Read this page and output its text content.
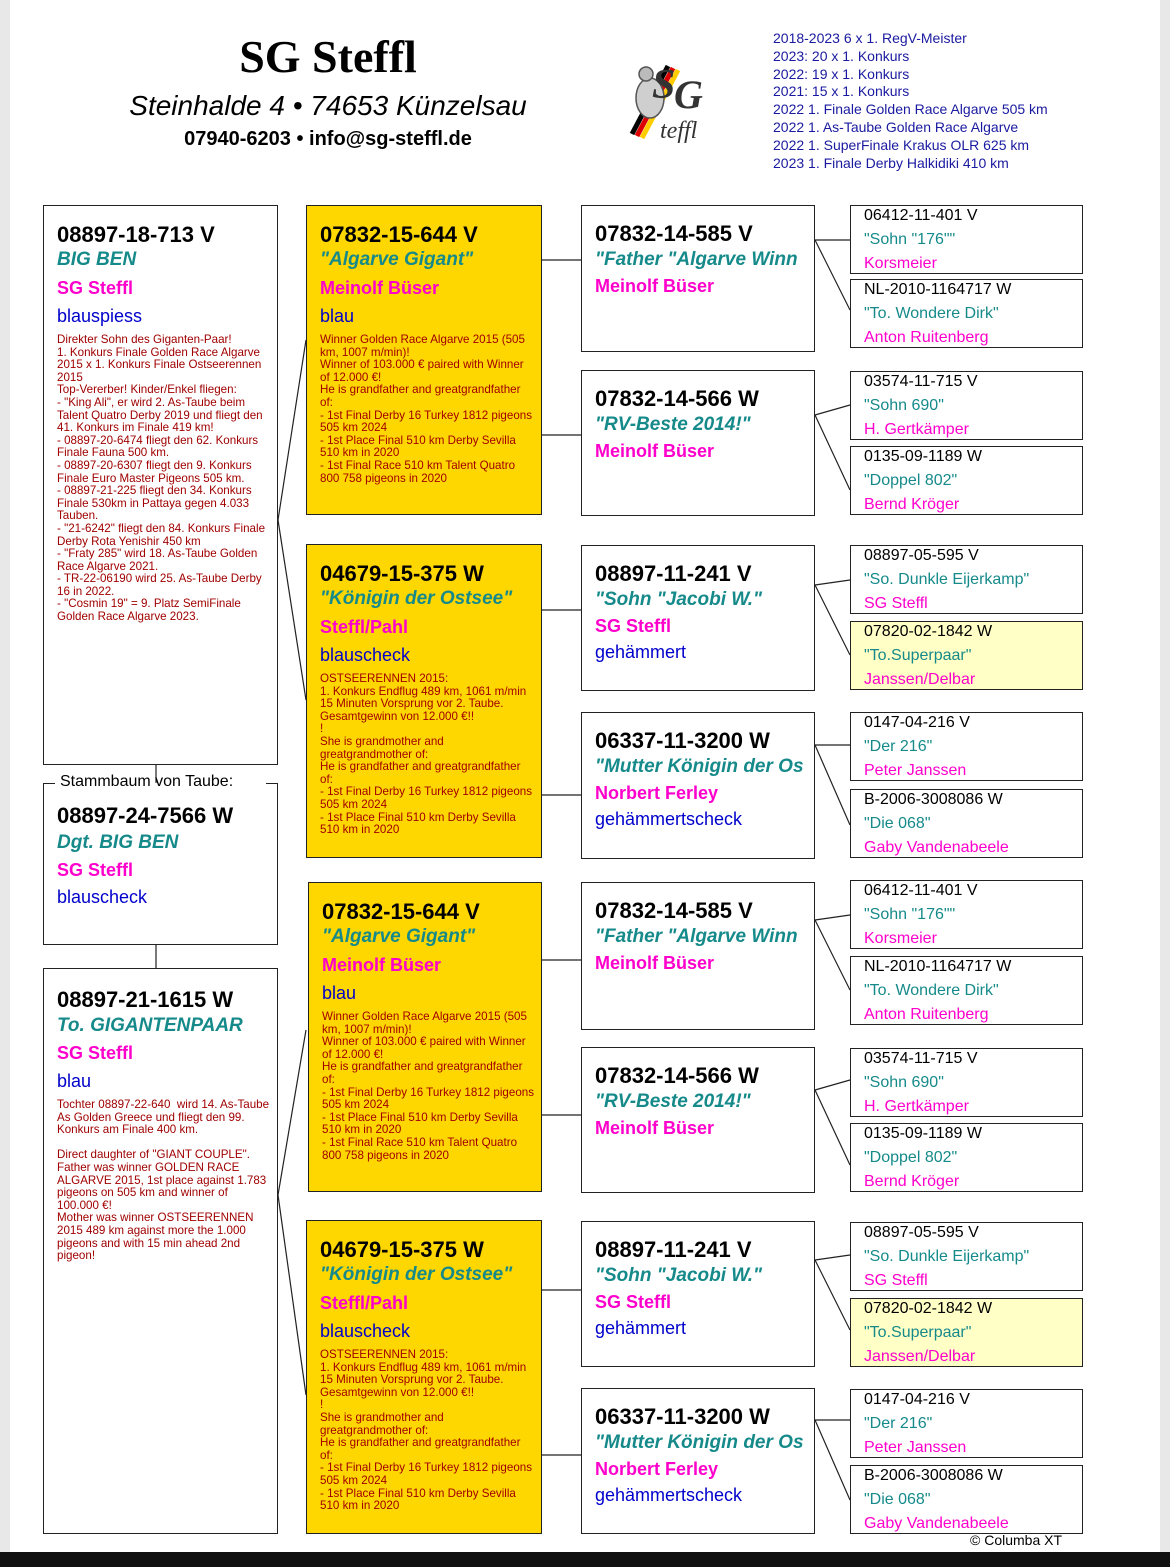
SG Steffl
Steinhalde 4 • 74653 Künzelsau
07940-6203 • info@sg-steffl.de
S
G
teffl
2018-2023 6 x 1. RegV-Meister
2023: 20 x 1. Konkurs
2022: 19 x 1. Konkurs
2021: 15 x 1. Konkurs
2022 1. Finale Golden Race Algarve 505 km
2022 1. As-Taube Golden Race Algarve
2022 1. SuperFinale Krakus OLR 625 km
2023 1. Finale Derby Halkidiki 410 km
08897-18-713 V
BIG BEN
SG Steffl
blauspiess
Direkter Sohn des Giganten-Paar!
1. Konkurs Finale Golden Race Algarve 2015 x 1. Konkurs Finale Ostseerennen 2015
Top-Vererber! Kinder/Enkel fliegen:
- "King Ali", er wird 2. As-Taube beim Talent Quatro Derby 2019 und fliegt den 41. Konkurs im Finale 419 km!
- 08897-20-6474 fliegt den 62. Konkurs Finale Fauna 500 km.
- 08897-20-6307 fliegt den 9. Konkurs Finale Euro Master Pigeons 505 km.
- 08897-21-225 fliegt den 34. Konkurs Finale 530km in Pattaya gegen 4.033 Tauben.
- "21-6242" fliegt den 84. Konkurs Finale Derby Rota Yenishir 450 km
- "Fraty 285" wird 18. As-Taube Golden Race Algarve 2021.
- TR-22-06190 wird 25. As-Taube Derby 16 in 2022.
- "Cosmin 19" = 9. Platz SemiFinale Golden Race Algarve 2023.
Stammbaum von Taube:
08897-24-7566 W
Dgt. BIG BEN
SG Steffl
blauscheck
08897-21-1615 W
To. GIGANTENPAAR
SG Steffl
blau
Tochter 08897-22-640  wird 14. As-Taube As Golden Greece und fliegt den 99. Konkurs am Finale 400 km.

Direct daughter of "GIANT COUPLE".
Father was winner GOLDEN RACE ALGARVE 2015, 1st place against 1.783 pigeons on 505 km and winner of 100.000 €!
Mother was winner OSTSEERENNEN 2015 489 km against more the 1.000 pigeons and with 15 min ahead 2nd pigeon!
07832-15-644 V
"Algarve Gigant"
Meinolf Büser
blau
Winner Golden Race Algarve 2015 (505 km, 1007 m/min)!
Winner of 103.000 € paired with Winner of 12.000 €!
He is grandfather and greatgrandfather of:
- 1st Final Derby 16 Turkey 1812 pigeons 505 km 2024
- 1st Place Final 510 km Derby Sevilla 510 km in 2020
- 1st Final Race 510 km Talent Quatro 800 758 pigeons in 2020
04679-15-375 W
"Königin der Ostsee"
Steffl/Pahl
blauscheck
OSTSEERENNEN 2015:
1. Konkurs Endflug 489 km, 1061 m/min 15 Minuten Vorsprung vor 2. Taube. Gesamtgewinn von 12.000 €!!
!
She is grandmother and greatgrandmother of:
He is grandfather and greatgrandfather of:
- 1st Final Derby 16 Turkey 1812 pigeons 505 km 2024
- 1st Place Final 510 km Derby Sevilla 510 km in 2020
07832-15-644 V
"Algarve Gigant"
Meinolf Büser
blau
Winner Golden Race Algarve 2015 (505 km, 1007 m/min)!
Winner of 103.000 € paired with Winner of 12.000 €!
He is grandfather and greatgrandfather of:
- 1st Final Derby 16 Turkey 1812 pigeons 505 km 2024
- 1st Place Final 510 km Derby Sevilla 510 km in 2020
- 1st Final Race 510 km Talent Quatro 800 758 pigeons in 2020
04679-15-375 W
"Königin der Ostsee"
Steffl/Pahl
blauscheck
OSTSEERENNEN 2015:
1. Konkurs Endflug 489 km, 1061 m/min 15 Minuten Vorsprung vor 2. Taube. Gesamtgewinn von 12.000 €!!
!
She is grandmother and greatgrandmother of:
He is grandfather and greatgrandfather of:
- 1st Final Derby 16 Turkey 1812 pigeons 505 km 2024
- 1st Place Final 510 km Derby Sevilla 510 km in 2020
07832-14-585 V
"Father "Algarve Winn
Meinolf Büser
07832-14-566 W
"RV-Beste 2014!"
Meinolf Büser
08897-11-241 V
"Sohn "Jacobi W."
SG Steffl
gehämmert
06337-11-3200 W
"Mutter Königin der Os
Norbert Ferley
gehämmertscheck
07832-14-585 V
"Father "Algarve Winn
Meinolf Büser
07832-14-566 W
"RV-Beste 2014!"
Meinolf Büser
08897-11-241 V
"Sohn "Jacobi W."
SG Steffl
gehämmert
06337-11-3200 W
"Mutter Königin der Os
Norbert Ferley
gehämmertscheck
06412-11-401 V
"Sohn "176""
Korsmeier
NL-2010-1164717 W
"To. Wondere Dirk"
Anton Ruitenberg
03574-11-715 V
"Sohn 690"
H. Gertkämper
0135-09-1189 W
"Doppel 802"
Bernd Kröger
08897-05-595 V
"So. Dunkle Eijerkamp"
SG Steffl
07820-02-1842 W
"To.Superpaar"
Janssen/Delbar
0147-04-216 V
"Der 216"
Peter Janssen
B-2006-3008086 W
"Die 068"
Gaby Vandenabeele
06412-11-401 V
"Sohn "176""
Korsmeier
NL-2010-1164717 W
"To. Wondere Dirk"
Anton Ruitenberg
03574-11-715 V
"Sohn 690"
H. Gertkämper
0135-09-1189 W
"Doppel 802"
Bernd Kröger
08897-05-595 V
"So. Dunkle Eijerkamp"
SG Steffl
07820-02-1842 W
"To.Superpaar"
Janssen/Delbar
0147-04-216 V
"Der 216"
Peter Janssen
B-2006-3008086 W
"Die 068"
Gaby Vandenabeele
© Columba XT
